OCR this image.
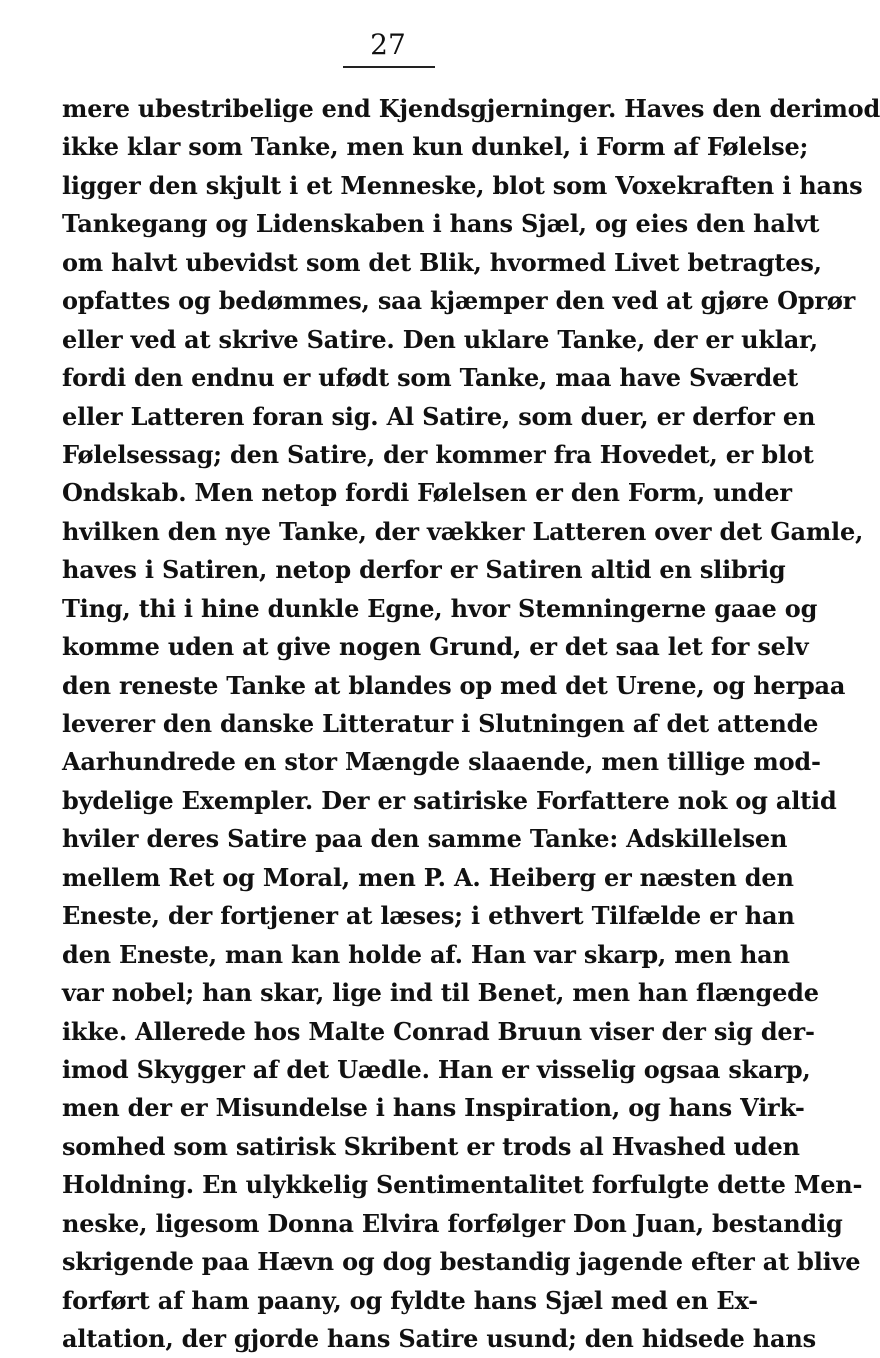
27
mere ubestribelige end Kjendsgjerninger. Haves den derimod
ikke klar som Tanke, men kun dunkel, i Form af Følelse;
ligger den skjult i et Menneske, blot som Voxekraften i hans
Tankegang og Lidenskaben i hans Sjæl, og eies den halvt
om halvt ubevidst som det Blik, hvormed Livet betragtes,
opfattes og bedømmes, saa kjæmper den ved at gjøre Oprør
eller ved at skrive Satire. Den uklare Tanke, der er uklar,
fordi den endnu er ufødt som Tanke, maa have Sværdet
eller Latteren foran sig. Al Satire, som duer, er derfor en
Følelsessag; den Satire, der kommer fra Hovedet, er blot
Ondskab. Men netop fordi Følelsen er den Form, under
hvilken den nye Tanke, der vækker Latteren over det Gamle,
haves i Satiren, netop derfor er Satiren altid en slibrig
Ting, thi i hine dunkle Egne, hvor Stemningerne gaae og
komme uden at give nogen Grund, er det saa let for selv
den reneste Tanke at blandes op med det Urene, og herpaa
leverer den danske Litteratur i Slutningen af det attende
Aarhundrede en stor Mængde slaaende, men tillige mod-
bydelige Exempler. Der er satiriske Forfattere nok og altid
hviler deres Satire paa den samme Tanke: Adskillelsen
mellem Ret og Moral, men P. A. Heiberg er næsten den
Eneste, der fortjener at læses; i ethvert Tilfælde er han
den Eneste, man kan holde af. Han var skarp, men han
var nobel; han skar, lige ind til Benet, men han flængede
ikke. Allerede hos Malte Conrad Bruun viser der sig der-
imod Skygger af det Uædle. Han er visselig ogsaa skarp,
men der er Misundelse i hans Inspiration, og hans Virk-
somhed som satirisk Skribent er trods al Hvashed uden
Holdning. En ulykkelig Sentimentalitet forfulgte dette Men-
neske, ligesom Donna Elvira forfølger Don Juan, bestandig
skrigende paa Hævn og dog bestandig jagende efter at blive
forført af ham paany, og fyldte hans Sjæl med en Ex-
altation, der gjorde hans Satire usund; den hidsede hans
